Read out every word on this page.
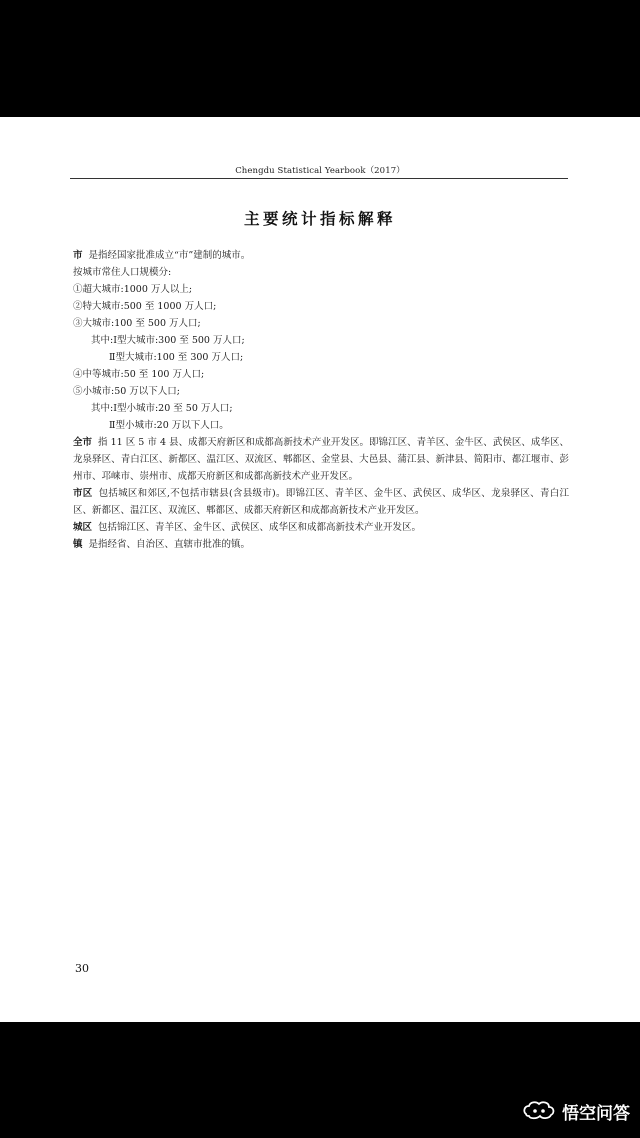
Chengdu Statistical Yearbook（2017）
主要统计指标解释
市 是指经国家批准成立“市”建制的城市。
按城市常住人口规模分:
①超大城市:1000 万人以上;
②特大城市:500 至 1000 万人口;
③大城市:100 至 500 万人口;
其中:Ⅰ型大城市:300 至 500 万人口;
Ⅱ型大城市:100 至 300 万人口;
④中等城市:50 至 100 万人口;
⑤小城市:50 万以下人口;
其中:Ⅰ型小城市:20 至 50 万人口;
Ⅱ型小城市:20 万以下人口。
全市 指 11 区 5 市 4 县、成都天府新区和成都高新技术产业开发区。即锦江区、青羊区、金牛区、武侯区、成华区、龙泉驿区、青白江区、新都区、温江区、双流区、郫都区、金堂县、大邑县、蒲江县、新津县、简阳市、都江堰市、彭州市、邛崃市、崇州市、成都天府新区和成都高新技术产业开发区。
市区 包括城区和郊区,不包括市辖县(含县级市)。即锦江区、青羊区、金牛区、武侯区、成华区、龙泉驿区、青白江区、新都区、温江区、双流区、郫都区、成都天府新区和成都高新技术产业开发区。
城区 包括锦江区、青羊区、金牛区、武侯区、成华区和成都高新技术产业开发区。
镇 是指经省、自治区、直辖市批准的镇。
30
悟空问答
